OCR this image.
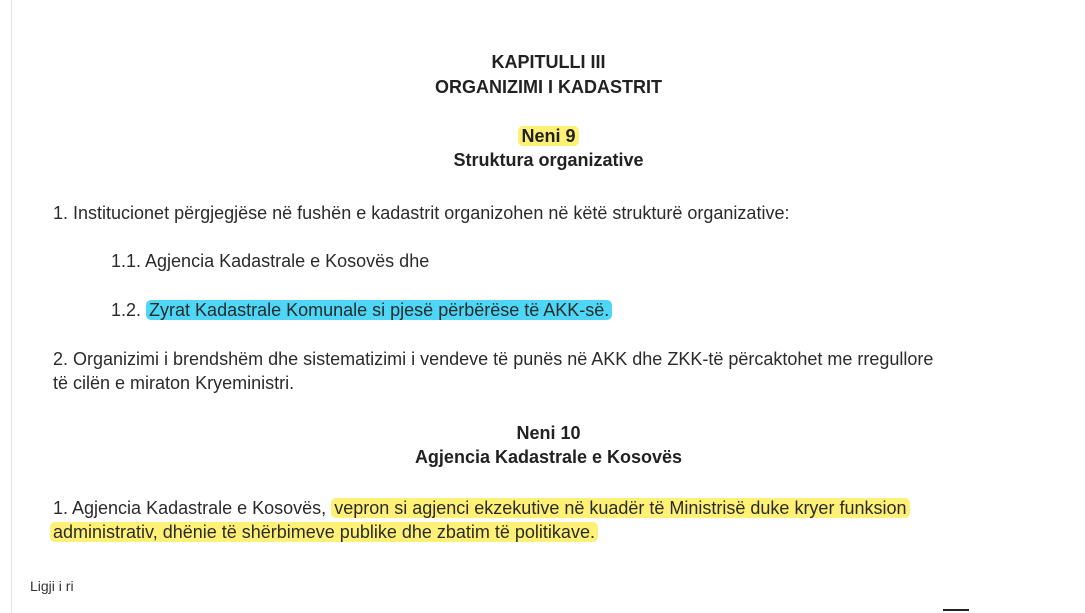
KAPITULLI III
ORGANIZIMI I KADASTRIT
Neni 9
Struktura organizative
1. Institucionet përgjegjëse në fushën e kadastrit organizohen në këtë strukturë organizative:
1.1. Agjencia Kadastrale e Kosovës dhe
1.2. Zyrat Kadastrale Komunale si pjesë përbërëse të AKK-së.
2. Organizimi i brendshëm dhe sistematizimi i vendeve të punës në AKK dhe ZKK-të përcaktohet me rregullore
të cilën e miraton Kryeministri.
Neni 10
Agjencia Kadastrale e Kosovës
1. Agjencia Kadastrale e Kosovës, vepron si agjenci ekzekutive në kuadër të Ministrisë duke kryer funksion
administrativ, dhënie të shërbimeve publike dhe zbatim të politikave.
Ligji i ri
